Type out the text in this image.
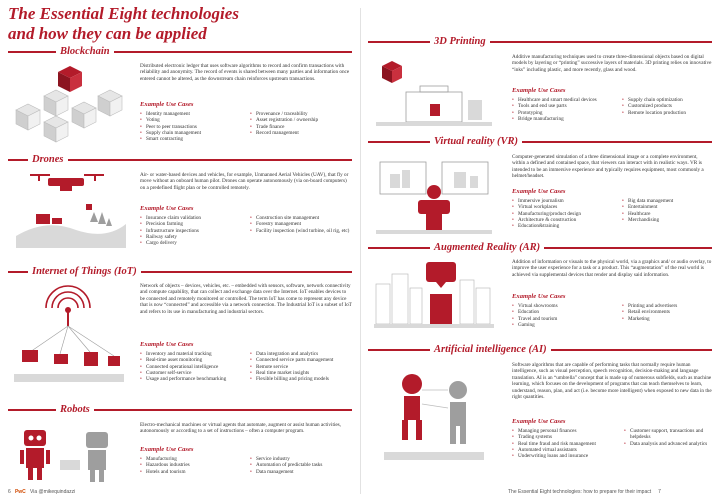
The Essential Eight technologies
and how they can be applied
Blockchain
Distributed electronic ledger that uses software algorithms to record and confirm transactions with reliability and anonymity. The record of events is shared between many parties and information once entered cannot be altered, as the downstream chain reinforces upstream transactions.
Example Use Cases
• Identity management
• Voting
• Peer to peer transactions
• Supply chain management
• Smart contracting
• Provenance / traceability
• Asset registration / ownership
• Trade finance
• Record management
Drones
Air- or water-based devices and vehicles, for example, Unmanned Aerial Vehicles (UAV), that fly or move without an onboard human pilot. Drones can operate autonomously (via on-board computers) on a predefined flight plan or be controlled remotely.
Example Use Cases
• Insurance claim validation
• Precision farming
• Infrastructure inspections
• Railway safety
• Cargo delivery
• Construction site management
• Forestry management
• Facility inspection (wind turbine, oil rig, etc)
Internet of Things (IoT)
Network of objects – devices, vehicles, etc. – embedded with sensors, software, network connectivity and compute capability, that can collect and exchange data over the Internet. IoT enables devices to be connected and remotely monitored or controlled. The term IoT has come to represent any device that is now “connected” and accessible via a network connection. The Industrial IoT is a subset of IoT and refers to its use in manufacturing and industrial sectors.
Example Use Cases
• Inventory and material tracking
• Real-time asset monitoring
• Connected operational intelligence
• Customer self-service
• Usage and performance benchmarking
• Data integration and analytics
• Connected service parts management
• Remote service
• Real time market insights
• Flexible billing and pricing models
Robots
Electro-mechanical machines or virtual agents that automate, augment or assist human activities, autonomously or according to a set of instructions – often a computer program.
Example Use Cases
• Manufacturing
• Hazardous industries
• Hotels and tourism
• Service industry
• Automation of predictable tasks
• Data management
3D Printing
Additive manufacturing techniques used to create three-dimensional objects based on digital models by layering or “printing” successive layers of materials. 3D printing relies on innovative “inks” including plastic, and more recently, glass and wood.
Example Use Cases
• Healthcare and smart medical devices
• Tools and end use parts
• Prototyping
• Bridge manufacturing
• Supply chain optimization
• Customized products
• Remote location production
Virtual reality (VR)
Computer-generated simulation of a three dimensional image or a complete environment, within a defined and contained space, that viewers can interact with in realistic ways. VR is intended to be an immersive experience and typically requires equipment, most commonly a helmet/headset.
Example Use Cases
• Immersive journalism
• Virtual workplaces
• Manufacturing/product design
• Architecture & construction
• Education&training
• Big data management
• Entertainment
• Healthcare
• Merchandising
Augmented Reality (AR)
Addition of information or visuals to the physical world, via a graphics and/ or audio overlay, to improve the user experience for a task or a product. This “augmentation” of the real world is achieved via supplemental devices that render and display said information.
Example Use Cases
• Virtual showrooms
• Education
• Travel and tourism
• Gaming
• Printing and advertisers
• Retail environments
• Marketing
Artificial intelligence (AI)
Software algorithms that are capable of performing tasks that normally require human intelligence, such as visual perception, speech recognition, decision-making and language translation. AI is an “umbrella” concept that is made up of numerous subfields, such as machine learning, which focuses on the development of programs that can teach themselves to learn, understand, reason, plan, and act (i.e. become more intelligent) when exposed to new data in the right quantities.
Example Use Cases
• Managing personal finances
• Trading systems
• Real time fraud and risk management
• Automated virtual assistants
• Underwriting loans and insurance
• Customer support, transactions and helpdesks
• Data analysis and advanced analytics
6 PwC Via @mikequindazzi	The Essential Eight technologies: how to prepare for their impact 7
